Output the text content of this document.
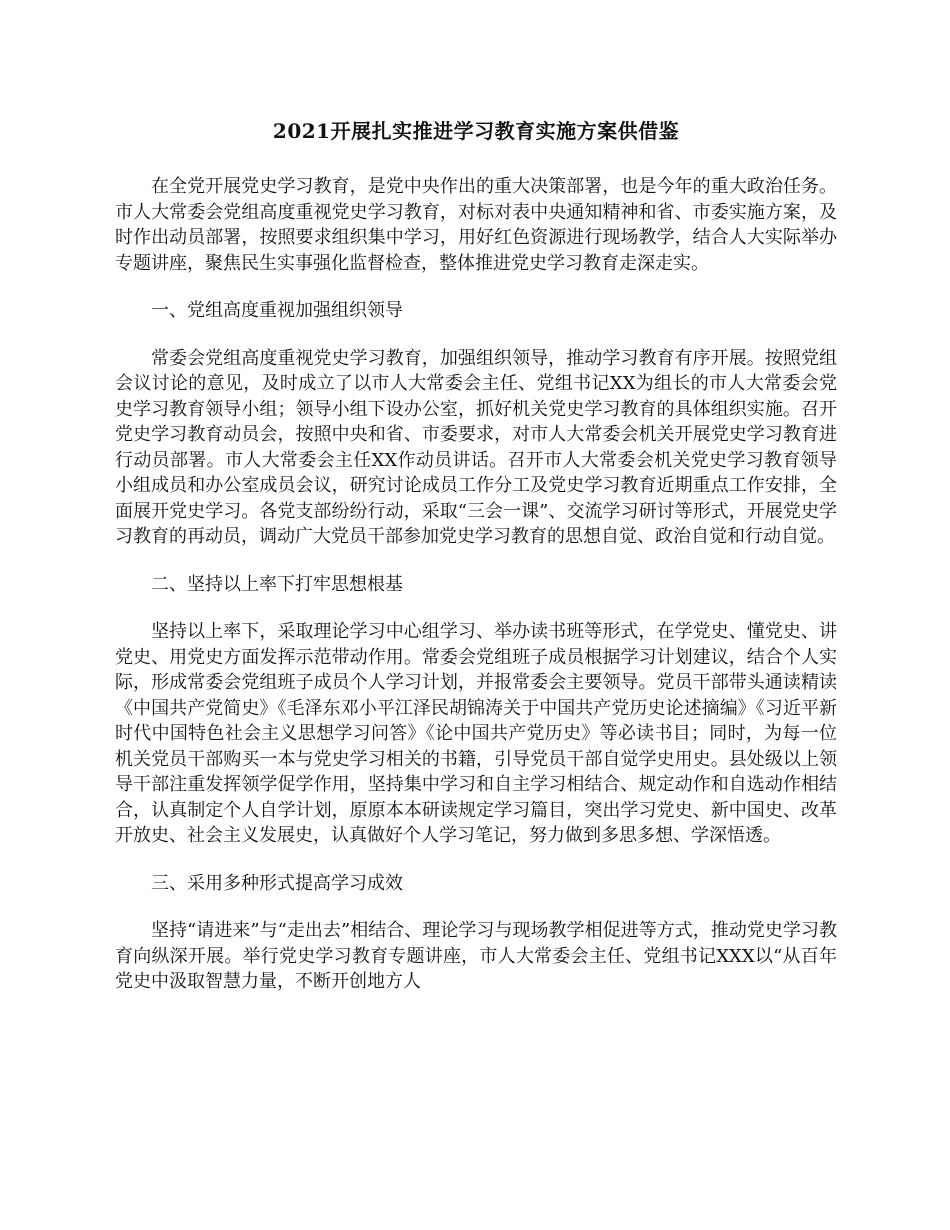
2021开展扎实推进学习教育实施方案供借鉴

在全党开展党史学习教育，是党中央作出的重大决策部署，也是今年的重大政治任务。市人大常委会党组高度重视党史学习教育，对标对表中央通知精神和省、市委实施方案，及时作出动员部署，按照要求组织集中学习，用好红色资源进行现场教学，结合人大实际举办专题讲座，聚焦民生实事强化监督检查，整体推进党史学习教育走深走实。

一、党组高度重视加强组织领导

常委会党组高度重视党史学习教育，加强组织领导，推动学习教育有序开展。按照党组会议讨论的意见，及时成立了以市人大常委会主任、党组书记XX为组长的市人大常委会党史学习教育领导小组；领导小组下设办公室，抓好机关党史学习教育的具体组织实施。召开党史学习教育动员会，按照中央和省、市委要求，对市人大常委会机关开展党史学习教育进行动员部署。市人大常委会主任XX作动员讲话。召开市人大常委会机关党史学习教育领导小组成员和办公室成员会议，研究讨论成员工作分工及党史学习教育近期重点工作安排，全面展开党史学习。各党支部纷纷行动，采取“三会一课”、交流学习研讨等形式，开展党史学习教育的再动员，调动广大党员干部参加党史学习教育的思想自觉、政治自觉和行动自觉。

二、坚持以上率下打牢思想根基

坚持以上率下，采取理论学习中心组学习、举办读书班等形式，在学党史、懂党史、讲党史、用党史方面发挥示范带动作用。常委会党组班子成员根据学习计划建议，结合个人实际，形成常委会党组班子成员个人学习计划，并报常委会主要领导。党员干部带头通读精读《中国共产党简史》《毛泽东邓小平江泽民胡锦涛关于中国共产党历史论述摘编》《习近平新时代中国特色社会主义思想学习问答》《论中国共产党历史》等必读书目；同时，为每一位机关党员干部购买一本与党史学习相关的书籍，引导党员干部自觉学史用史。县处级以上领导干部注重发挥领学促学作用，坚持集中学习和自主学习相结合、规定动作和自选动作相结合，认真制定个人自学计划，原原本本研读规定学习篇目，突出学习党史、新中国史、改革开放史、社会主义发展史，认真做好个人学习笔记，努力做到多思多想、学深悟透。

三、采用多种形式提高学习成效

坚持“请进来”与“走出去”相结合、理论学习与现场教学相促进等方式，推动党史学习教育向纵深开展。举行党史学习教育专题讲座，市人大常委会主任、党组书记XXX以“从百年党史中汲取智慧力量，不断开创地方人
